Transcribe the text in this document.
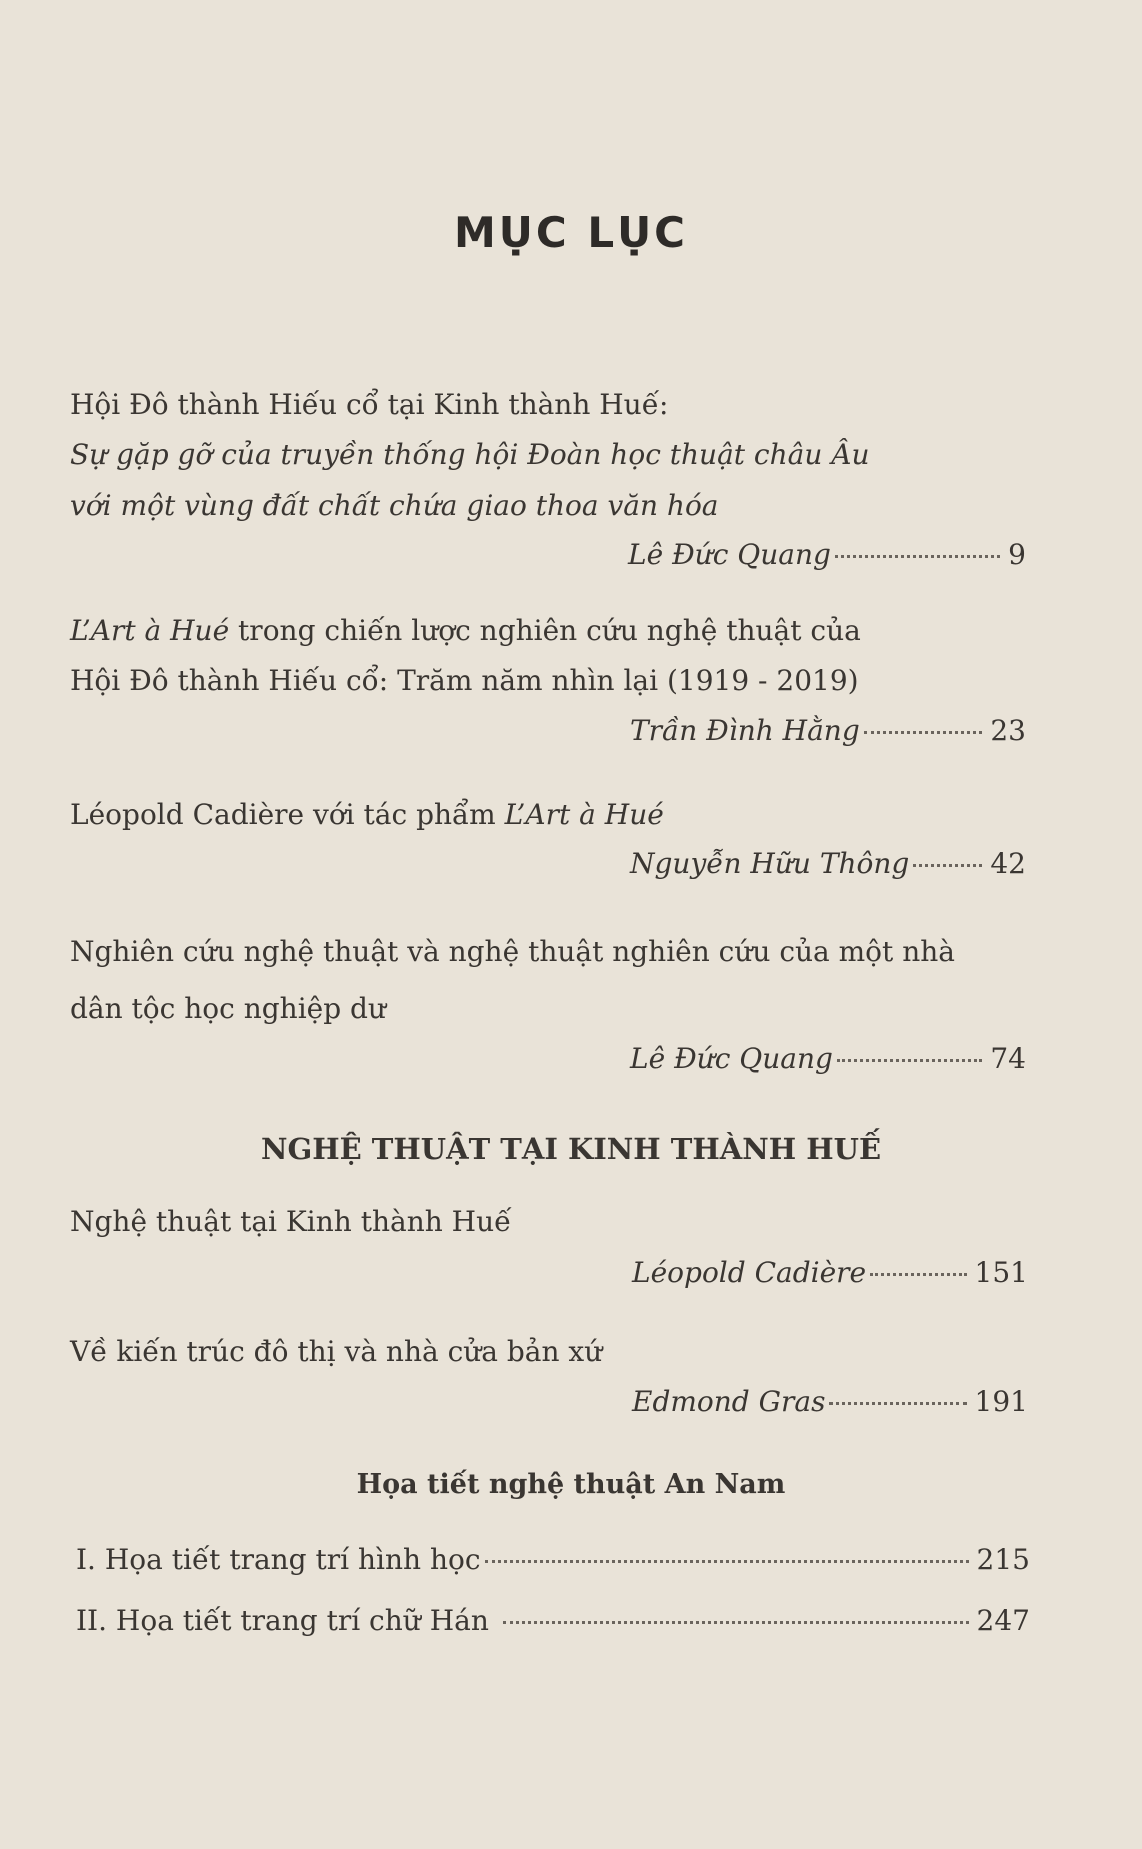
MỤC LỤC
Hội Đô thành Hiếu cổ tại Kinh thành Huế:
Sự gặp gỡ của truyền thống hội Đoàn học thuật châu Âu
với một vùng đất chất chứa giao thoa văn hóa
Lê Đức Quang	9
L’Art à Hué trong chiến lược nghiên cứu nghệ thuật của
Hội Đô thành Hiếu cổ: Trăm năm nhìn lại (1919 - 2019)
Trần Đình Hằng	23
Léopold Cadière với tác phẩm L’Art à Hué
Nguyễn Hữu Thông	42
Nghiên cứu nghệ thuật và nghệ thuật nghiên cứu của một nhà
dân tộc học nghiệp dư
Lê Đức Quang	74
NGHỆ THUẬT TẠI KINH THÀNH HUẾ
Nghệ thuật tại Kinh thành Huế
Léopold Cadière	151
Về kiến trúc đô thị và nhà cửa bản xứ
Edmond Gras	191
Họa tiết nghệ thuật An Nam
I. Họa tiết trang trí hình học	215
II. Họa tiết trang trí chữ Hán	247
